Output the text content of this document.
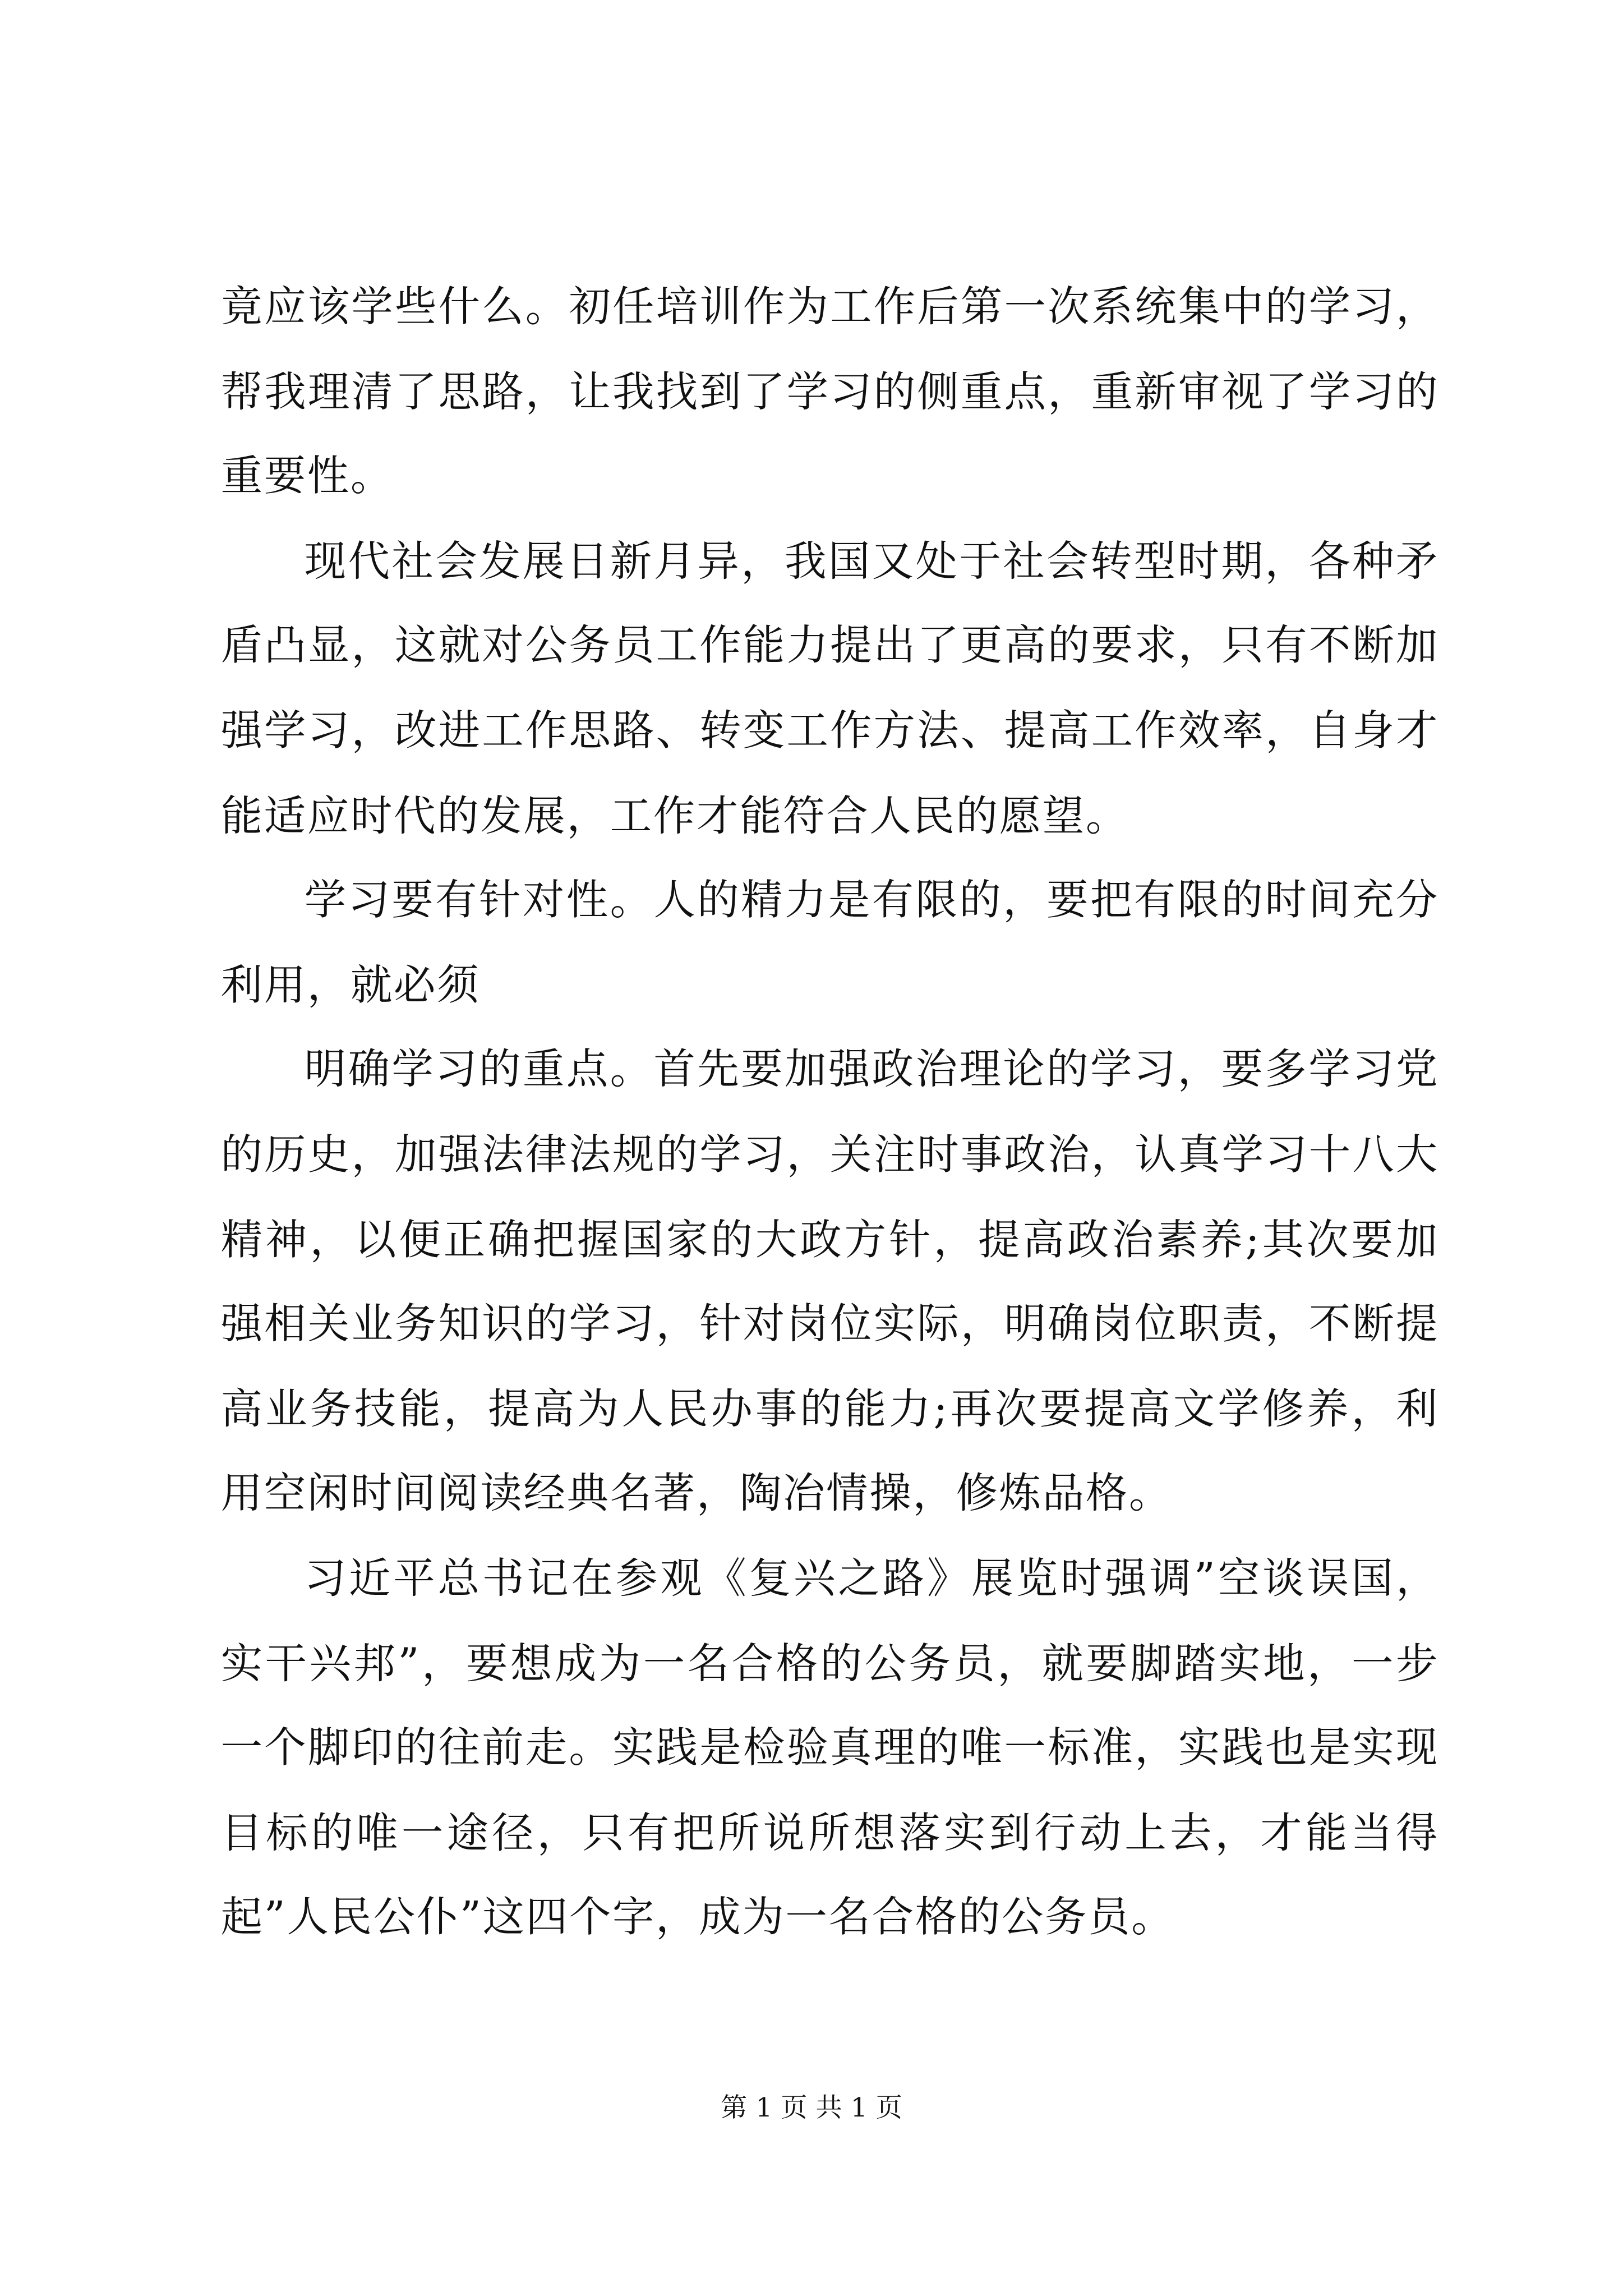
竟应该学些什么。初任培训作为工作后第一次系统集中的学习，帮我理清了思路，让我找到了学习的侧重点，重新审视了学习的重要性。

现代社会发展日新月异，我国又处于社会转型时期，各种矛盾凸显，这就对公务员工作能力提出了更高的要求，只有不断加强学习，改进工作思路、转变工作方法、提高工作效率，自身才能适应时代的发展，工作才能符合人民的愿望。

学习要有针对性。人的精力是有限的，要把有限的时间充分利用，就必须

明确学习的重点。首先要加强政治理论的学习，要多学习党的历史，加强法律法规的学习，关注时事政治，认真学习十八大精神，以便正确把握国家的大政方针，提高政治素养;其次要加强相关业务知识的学习，针对岗位实际，明确岗位职责，不断提高业务技能，提高为人民办事的能力;再次要提高文学修养，利用空闲时间阅读经典名著，陶冶情操，修炼品格。

习近平总书记在参观《复兴之路》展览时强调”空谈误国，实干兴邦”，要想成为一名合格的公务员，就要脚踏实地，一步一个脚印的往前走。实践是检验真理的唯一标准，实践也是实现目标的唯一途径，只有把所说所想落实到行动上去，才能当得起”人民公仆”这四个字，成为一名合格的公务员。

第 1 页 共 1 页
